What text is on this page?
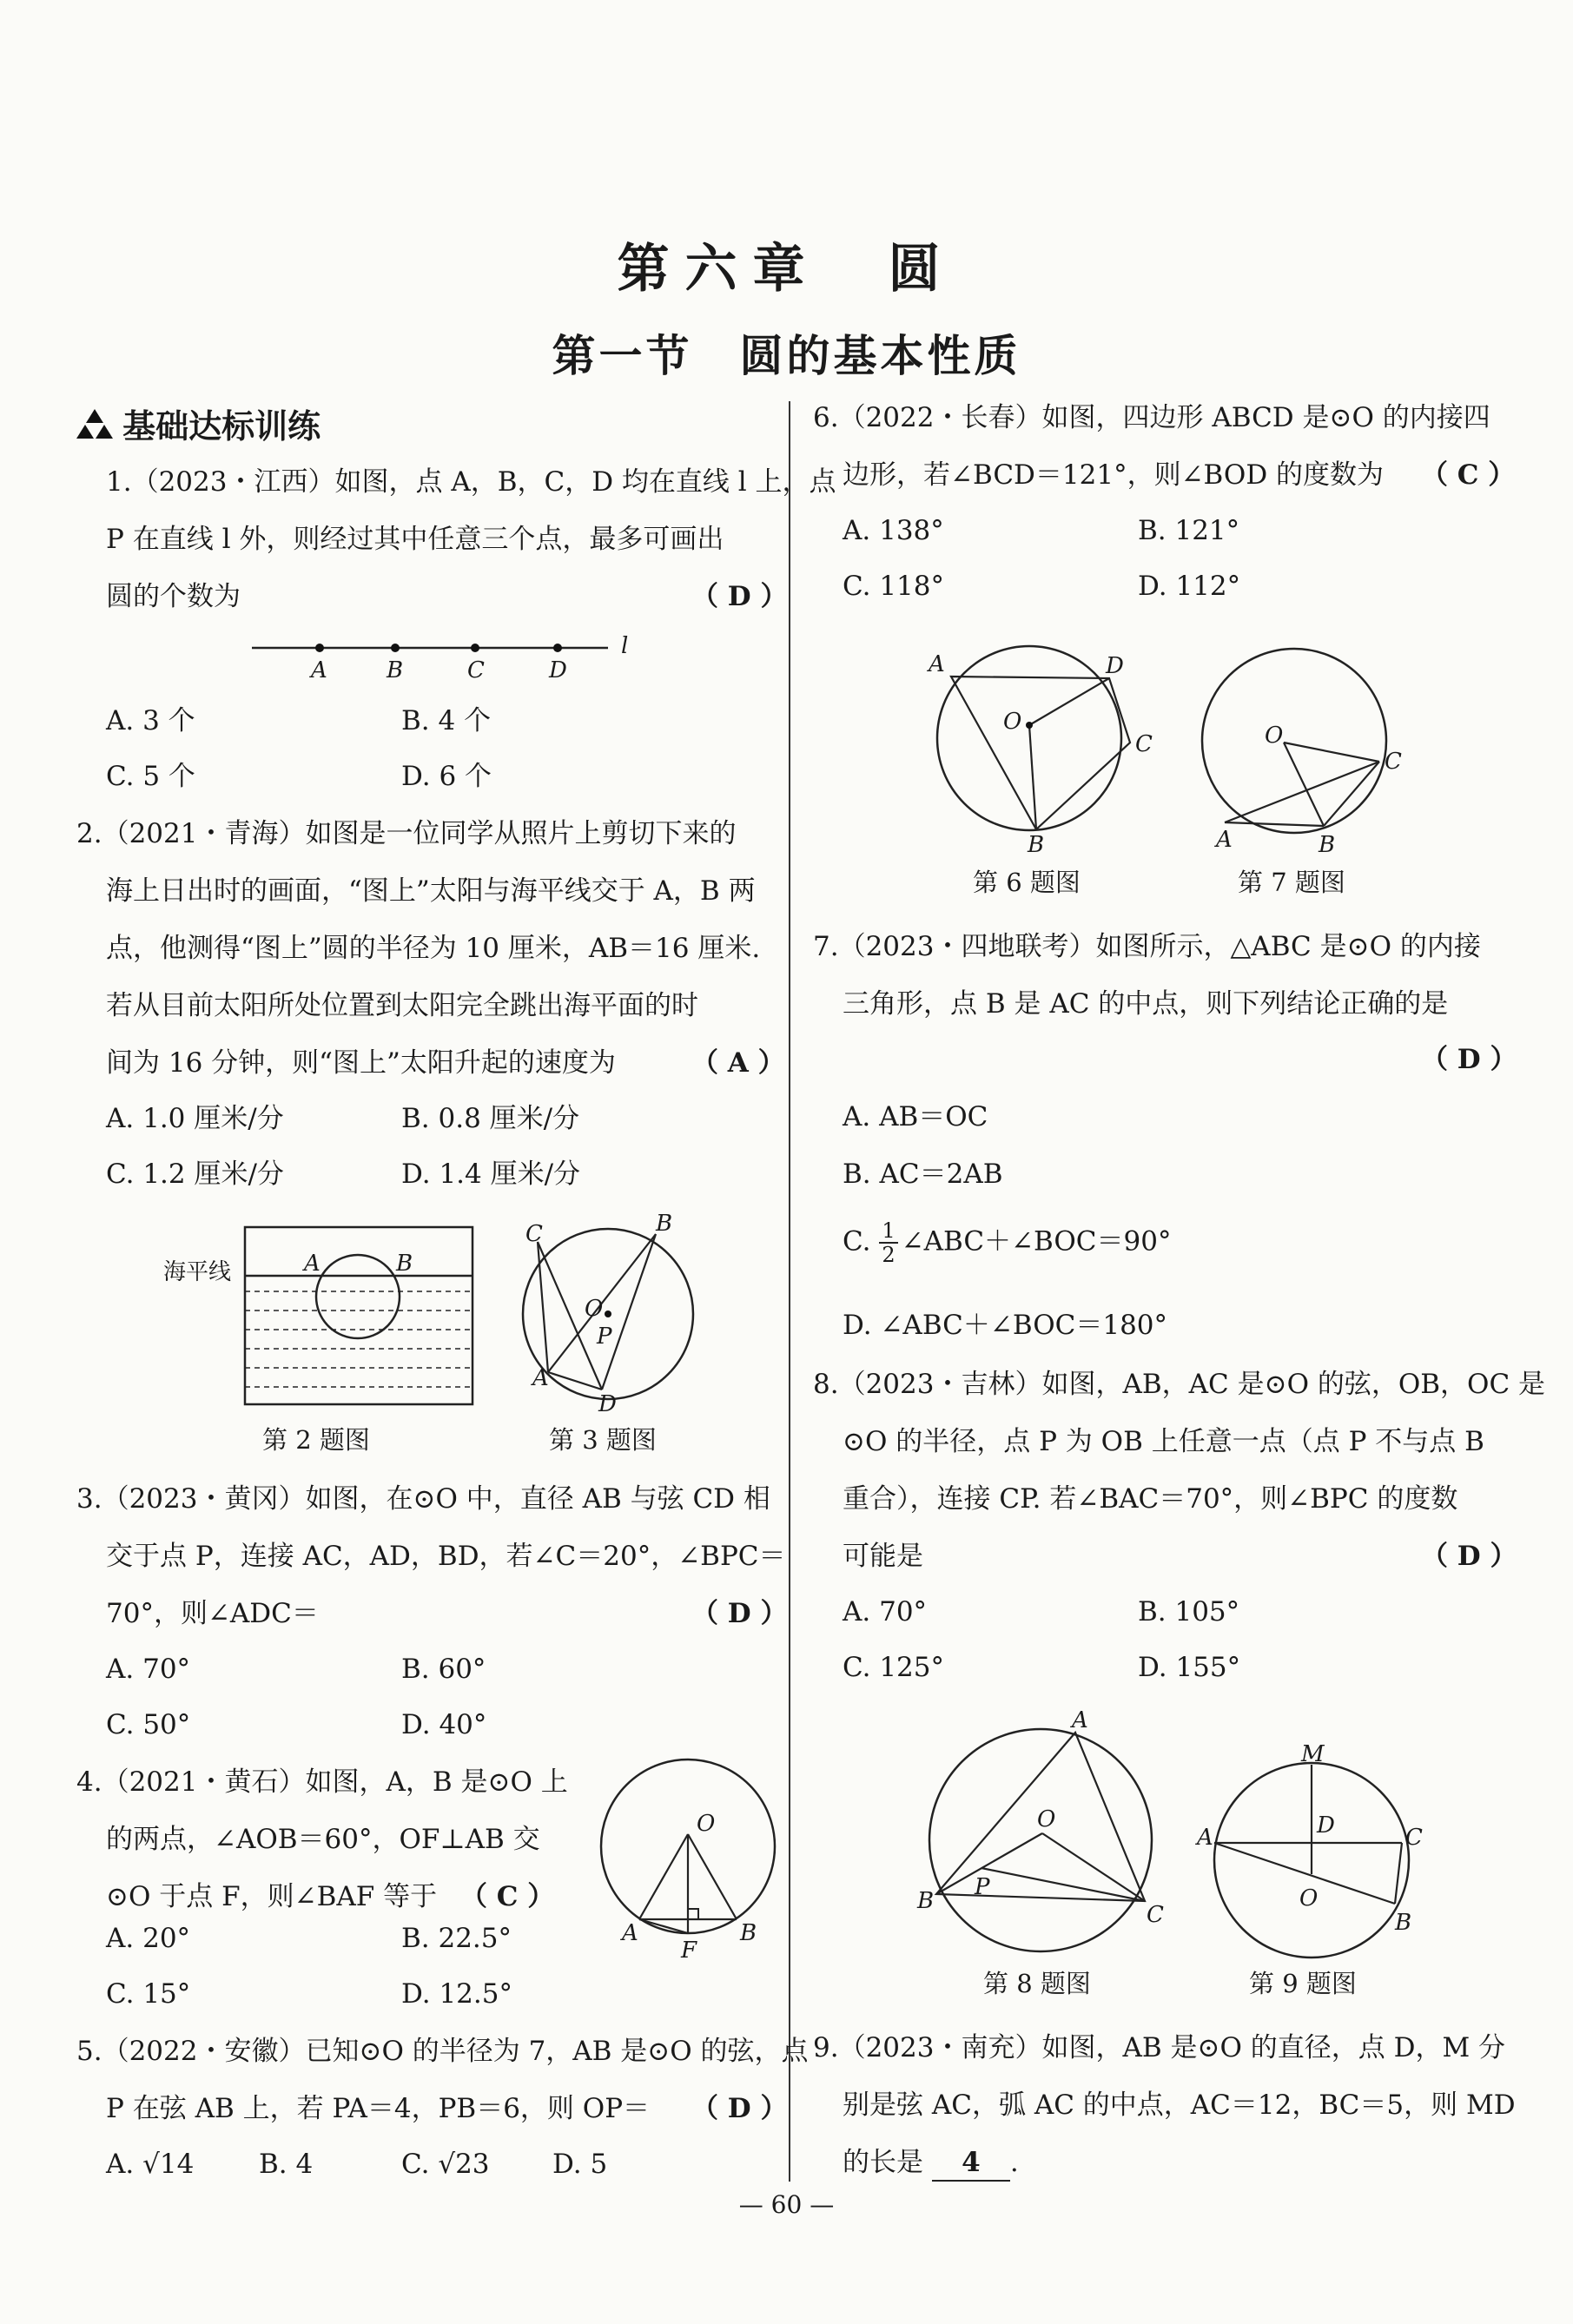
第六章　圆
第一节　圆的基本性质
基础达标训练
1.（2023・江西）如图，点 A，B，C，D 均在直线 l 上，点
P 在直线 l 外，则经过其中任意三个点，最多可画出
圆的个数为	（ D ）
A	B	C	D
l
A. 3 个	B. 4 个
C. 5 个	D. 6 个
2.（2021・青海）如图是一位同学从照片上剪切下来的
海上日出时的画面，“图上”太阳与海平线交于 A，B 两
点，他测得“图上”圆的半径为 10 厘米，AB＝16 厘米.
若从目前太阳所处位置到太阳完全跳出海平面的时
间为 16 分钟，则“图上”太阳升起的速度为	（ A ）
A. 1.0 厘米/分	B. 0.8 厘米/分
C. 1.2 厘米/分	D. 1.4 厘米/分
海平线	A	B
第 2 题图
C	B
O
P
A
D
第 3 题图
3.（2023・黄冈）如图，在⊙O 中，直径 AB 与弦 CD 相
交于点 P，连接 AC，AD，BD，若∠C＝20°，∠BPC＝
70°，则∠ADC＝	（ D ）
A. 70°	B. 60°
C. 50°	D. 40°
4.（2021・黄石）如图，A，B 是⊙O 上
的两点，∠AOB＝60°，OF⊥AB 交
⊙O 于点 F，则∠BAF 等于 （ C ）
A. 20°	B. 22.5°
C. 15°	D. 12.5°
O
A
F
B
5.（2022・安徽）已知⊙O 的半径为 7，AB 是⊙O 的弦，点
P 在弦 AB 上，若 PA＝4，PB＝6，则 OP＝ （ D ）
A. √14 B. 4	C. √23 D. 5
6.（2022・长春）如图，四边形 ABCD 是⊙O 的内接四
边形，若∠BCD＝121°，则∠BOD 的度数为 （ C ）
A. 138°	B. 121°
C. 118°	D. 112°
A	D
O
C
B
第 6 题图
O
C
A	B
第 7 题图
7.（2023・四地联考）如图所示，△ABC 是⊙O 的内接
三角形，点 B 是 AC 的中点，则下列结论正确的是
（ D ）
A. AB＝OC
B. AC＝2AB
C. $\frac{1}{2}$ ∠ABC＋∠BOC＝90°
D. ∠ABC＋∠BOC＝180°
8.（2023・吉林）如图，AB，AC 是⊙O 的弦，OB，OC 是
⊙O 的半径，点 P 为 OB 上任意一点（点 P 不与点 B
重合），连接 CP. 若∠BAC＝70°，则∠BPC 的度数
可能是	（ D ）
A. 70°	B. 105°
C. 125°	D. 155°
A
O
B
P
C
第 8 题图
M
D
A	C
O
B
第 9 题图
9.（2023・南充）如图，AB 是⊙O 的直径，点 D，M 分
别是弦 AC，弧 AC 的中点，AC＝12，BC＝5，则 MD
的长是 4 .
— 60 —
